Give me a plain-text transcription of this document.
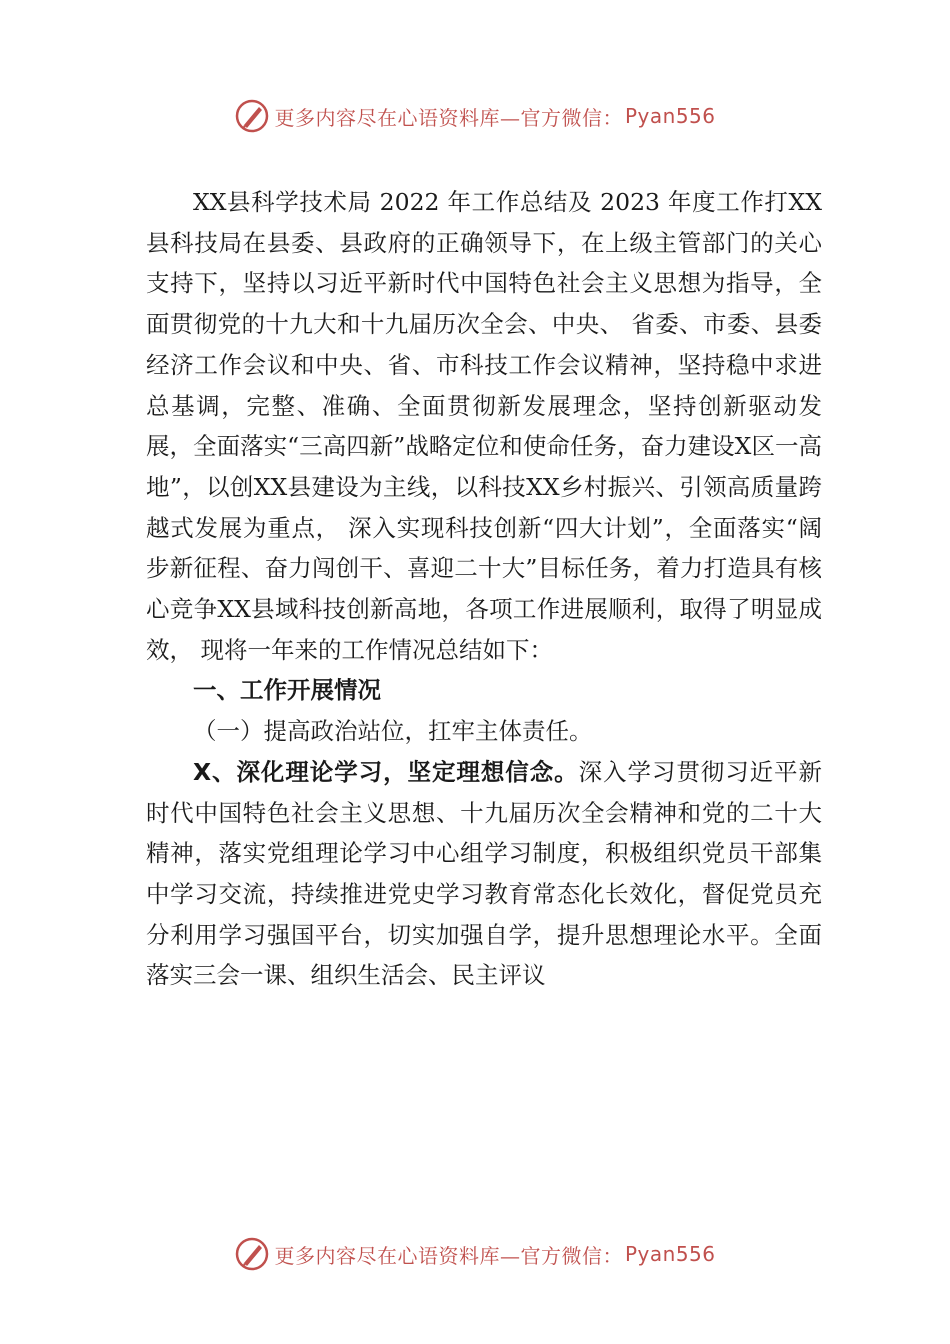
更多内容尽在心语资料库—官方微信： Pyan556

XX县科学技术局 2022 年工作总结及 2023 年度工作打XX县科技局在县委、县政府的正确领导下，在上级主管部门的关心支持下，坚持以习近平新时代中国特色社会主义思想为指导，全面贯彻党的十九大和十九届历次全会、中央、 省委、市委、县委经济工作会议和中央、省、市科技工作会议精神，坚持稳中求进总基调，完整、准确、全面贯彻新发展理念，坚持创新驱动发展，全面落实“三高四新”战略定位和使命任务，奋力建设X区一高地”，以创XX县建设为主线，以科技XX乡村振兴、引领高质量跨越式发展为重点， 深入实现科技创新“四大计划”，全面落实“阔步新征程、奋力闯创干、喜迎二十大”目标任务，着力打造具有核心竞争XX县域科技创新高地，各项工作进展顺利，取得了明显成效， 现将一年来的工作情况总结如下：

一、工作开展情况

（一）提高政治站位，扛牢主体责任。

X、深化理论学习，坚定理想信念。深入学习贯彻习近平新时代中国特色社会主义思想、十九届历次全会精神和党的二十大精神，落实党组理论学习中心组学习制度，积极组织党员干部集中学习交流，持续推进党史学习教育常态化长效化，督促党员充分利用学习强国平台，切实加强自学，提升思想理论水平。全面落实三会一课、组织生活会、民主评议

更多内容尽在心语资料库—官方微信： Pyan556
